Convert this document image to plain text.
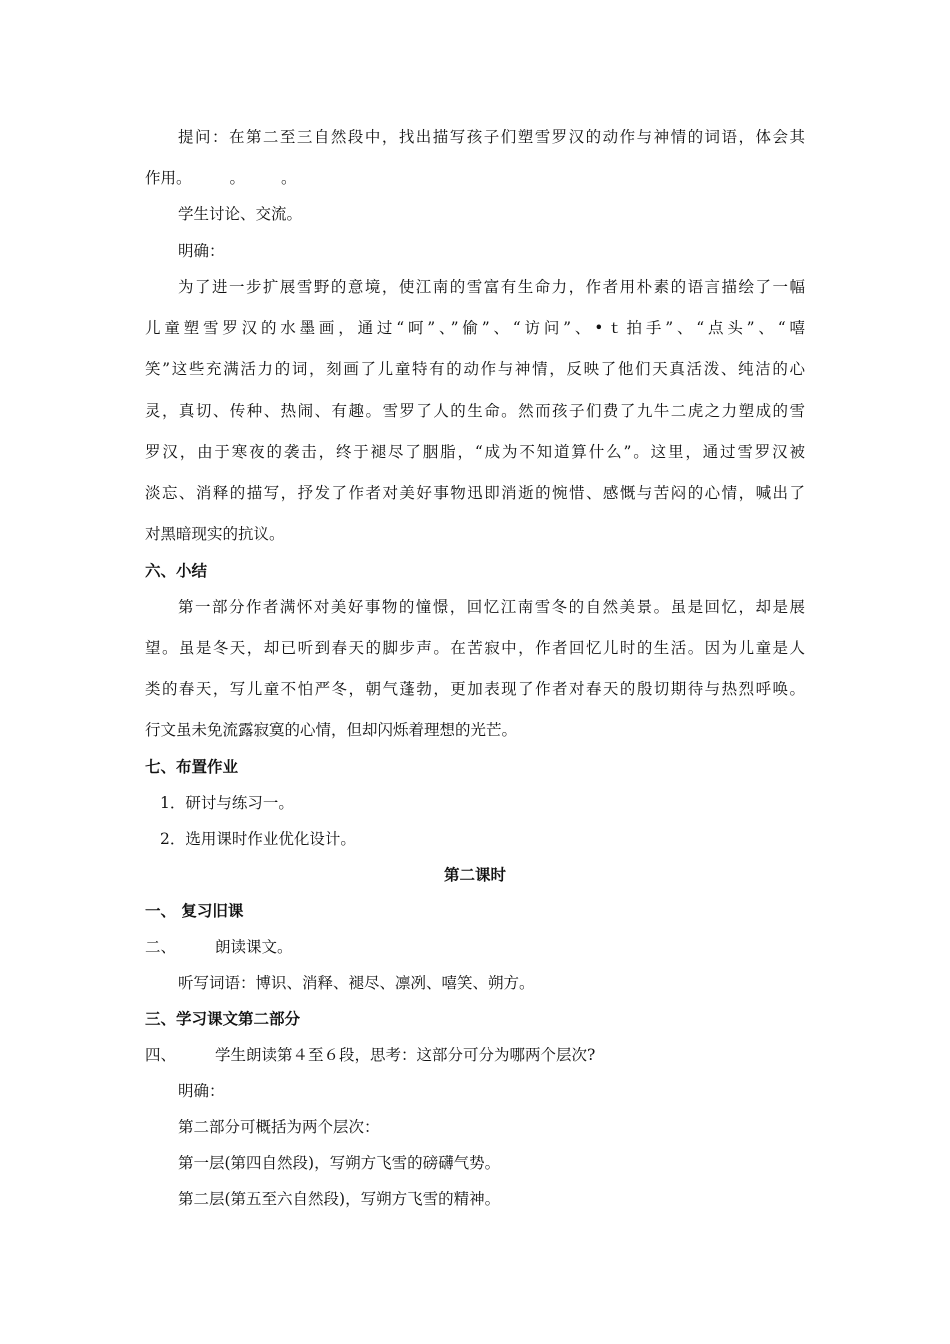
提问：在第二至三自然段中，找出描写孩子们塑雪罗汉的动作与神情的词语，体会其
作用。 。 。
学生讨论、交流。
明确：
为了进一步扩展雪野的意境，使江南的雪富有生命力，作者用朴素的语言描绘了一幅
儿童塑雪罗汉的水墨画，通过“呵”、”偷”、“访问”、•ｔ拍手”、“点头”、“嘻
笑”这些充满活力的词，刻画了儿童特有的动作与神情，反映了他们天真活泼、纯洁的心
灵，真切、传种、热闹、有趣。雪罗了人的生命。然而孩子们费了九牛二虎之力塑成的雪
罗汉，由于寒夜的袭击，终于褪尽了胭脂，“成为不知道算什么”。这里，通过雪罗汉被
淡忘、消释的描写，抒发了作者对美好事物迅即消逝的惋惜、感慨与苦闷的心情，喊出了
对黑暗现实的抗议。
六、小结
第一部分作者满怀对美好事物的憧憬，回忆江南雪冬的自然美景。虽是回忆，却是展
望。虽是冬天，却已听到春天的脚步声。在苦寂中，作者回忆儿时的生活。因为儿童是人
类的春天，写儿童不怕严冬，朝气蓬勃，更加表现了作者对春天的殷切期待与热烈呼唤。
行文虽未免流露寂寞的心情，但却闪烁着理想的光芒。
七、布置作业
1．研讨与练习一。
2．选用课时作业优化设计。
第二课时
一、 复习旧课
二、	朗读课文。
听写词语：博识、消释、褪尽、凛冽、嘻笑、朔方。
三、学习课文第二部分
四、	学生朗读第４至６段，思考：这部分可分为哪两个层次?
明确：
第二部分可概括为两个层次：
第一层(第四自然段)，写朔方飞雪的磅礴气势。
第二层(第五至六自然段)，写朔方飞雪的精神。
